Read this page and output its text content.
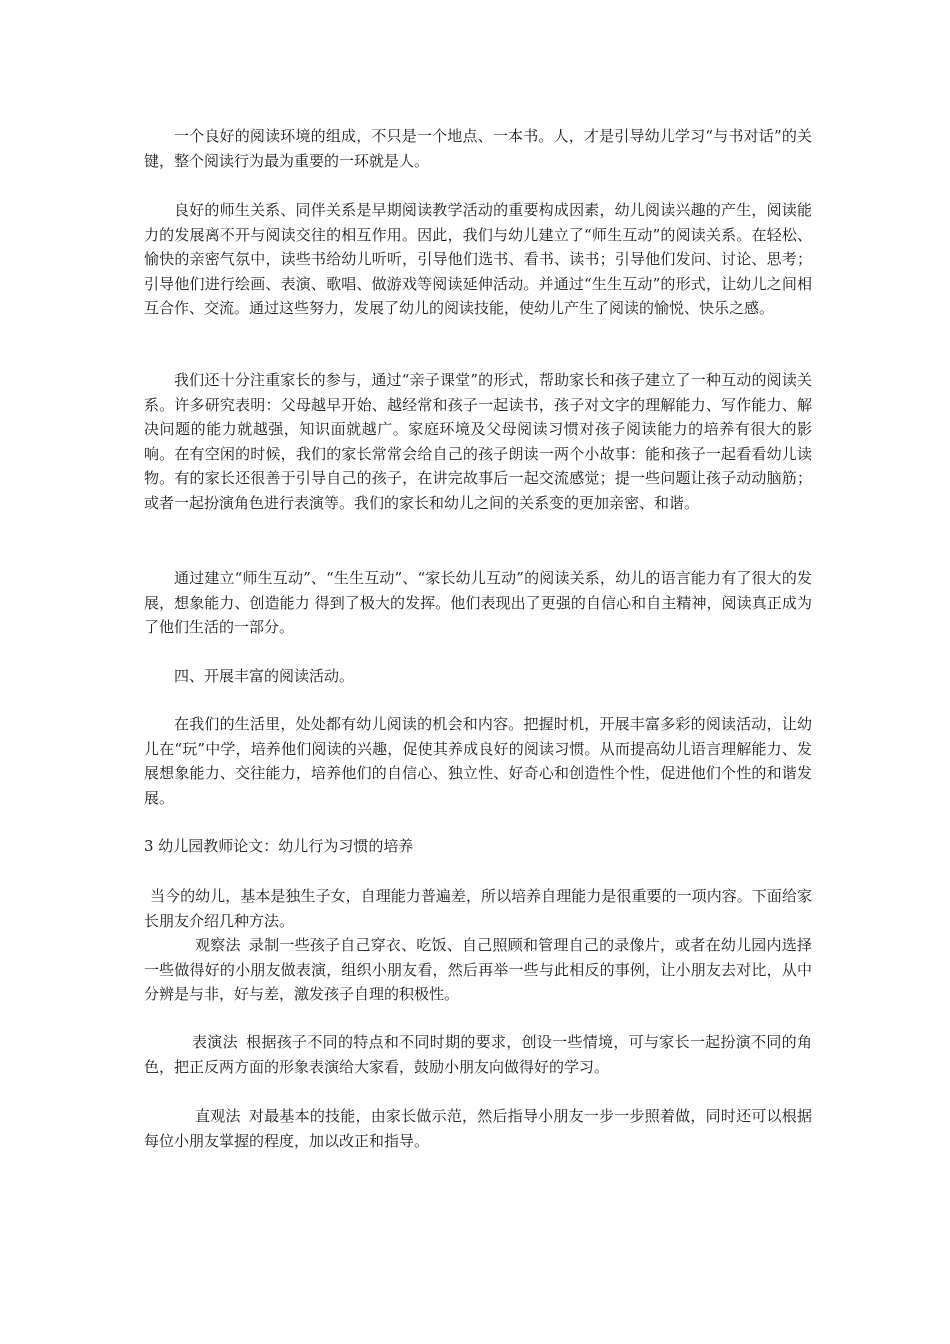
一个良好的阅读环境的组成，不只是一个地点、一本书。人，才是引导幼儿学习“与书对话”的关键，整个阅读行为最为重要的一环就是人。

良好的师生关系、同伴关系是早期阅读教学活动的重要构成因素，幼儿阅读兴趣的产生，阅读能力的发展离不开与阅读交往的相互作用。因此，我们与幼儿建立了“师生互动”的阅读关系。在轻松、愉快的亲密气氛中，读些书给幼儿听听，引导他们选书、看书、读书；引导他们发问、讨论、思考；引导他们进行绘画、表演、歌唱、做游戏等阅读延伸活动。并通过“生生互动”的形式，让幼儿之间相互合作、交流。通过这些努力，发展了幼儿的阅读技能，使幼儿产生了阅读的愉悦、快乐之感。

我们还十分注重家长的参与，通过“亲子课堂”的形式，帮助家长和孩子建立了一种互动的阅读关系。许多研究表明：父母越早开始、越经常和孩子一起读书，孩子对文字的理解能力、写作能力、解决问题的能力就越强，知识面就越广。家庭环境及父母阅读习惯对孩子阅读能力的培养有很大的影响。在有空闲的时候，我们的家长常常会给自己的孩子朗读一两个小故事：能和孩子一起看看幼儿读物。有的家长还很善于引导自己的孩子，在讲完故事后一起交流感觉；提一些问题让孩子动动脑筋；或者一起扮演角色进行表演等。我们的家长和幼儿之间的关系变的更加亲密、和谐。

通过建立“师生互动”、“生生互动”、“家长幼儿互动”的阅读关系，幼儿的语言能力有了很大的发展，想象能力、创造能力 得到了极大的发挥。他们表现出了更强的自信心和自主精神，阅读真正成为了他们生活的一部分。

四、开展丰富的阅读活动。

在我们的生活里，处处都有幼儿阅读的机会和内容。把握时机，开展丰富多彩的阅读活动，让幼儿在“玩”中学，培养他们阅读的兴趣，促使其养成良好的阅读习惯。从而提高幼儿语言理解能力、发展想象能力、交往能力，培养他们的自信心、独立性、好奇心和创造性个性，促进他们个性的和谐发展。

3 幼儿园教师论文：幼儿行为习惯的培养

当今的幼儿，基本是独生子女，自理能力普遍差，所以培养自理能力是很重要的一项内容。下面给家长朋友介绍几种方法。

观察法 录制一些孩子自己穿衣、吃饭、自己照顾和管理自己的录像片，或者在幼儿园内选择一些做得好的小朋友做表演，组织小朋友看，然后再举一些与此相反的事例，让小朋友去对比，从中分辨是与非，好与差，激发孩子自理的积极性。

表演法 根据孩子不同的特点和不同时期的要求，创设一些情境，可与家长一起扮演不同的角色，把正反两方面的形象表演给大家看，鼓励小朋友向做得好的学习。

直观法 对最基本的技能，由家长做示范，然后指导小朋友一步一步照着做，同时还可以根据每位小朋友掌握的程度，加以改正和指导。
